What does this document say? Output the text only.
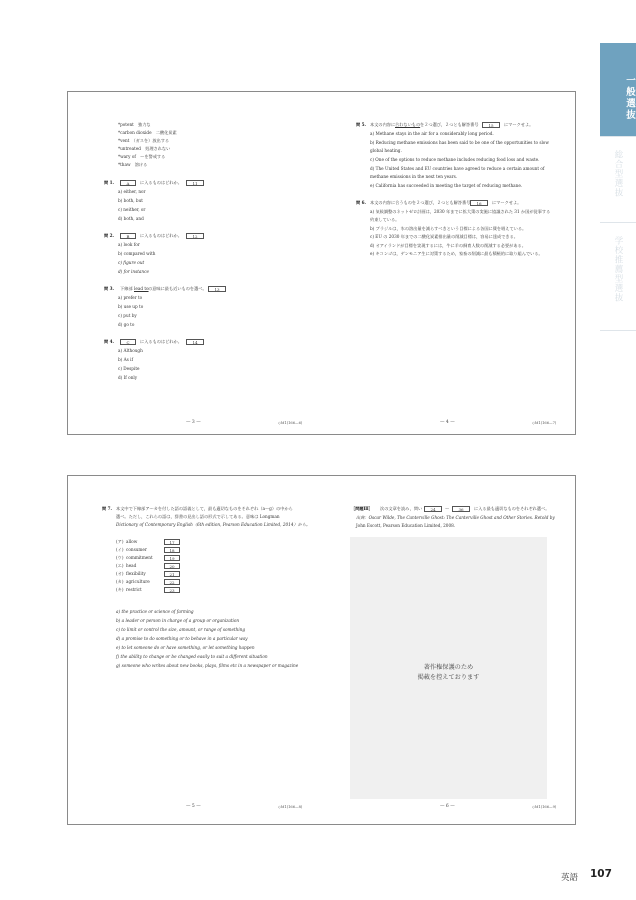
一般選抜
総合型選抜
学校推薦型選抜
*potent　強力な
*carbon dioxide　二酸化炭素
*vent　（ガスを）放出する
*untreated　処理されない
*wary of　〜を警戒する
*thaw　溶ける
問 1.	A	に入るものはどれか。	11
a) either, nor
b) both, but
c) neither, or
d) both, and
問 2.	B	に入るものはどれか。	12
a) look for
b) compared with
c) figure out
d) for instance
問 3. 下線部 lead to の意味に最も近いものを選べ。	13
a) prefer to
b) use up to
c) put by
d) go to
問 4.	C	に入るものはどれか。	14
a) Although
b) As if
c) Despite
d) If only
— 3 —	◇M1(166—6)
問 5. 本文の内容に 合わないもの を２つ選び，２つとも解答番号	15	にマークせよ。
a) Methane stays in the air for a considerably long period.
b) Reducing methane emissions has been said to be one of the opportunities to slow
global heating.
c) One of the options to reduce methane includes reducing food loss and waste.
d) The United States and EU countries have agreed to reduce a certain amount of
methane emissions in the next ten years.
e) California has succeeded in meeting the target of reducing methane.
問 6. 本文の内容に合うものを２つ選び，２つとも解答番号	16	にマークせよ。
a) 気候調整のネットゼロ計画は，2030 年までに拡大策の実施に協議された 31 か国が従事する
約束している。
b) ブラジルは，氷の溶出量を減らすべきという目標による各国に賛を唱えている。
c) EU の 2030 年までの二酸化炭素排出量の削減目標は，容易に達成できる。
d) オアイランドが目標を実現するには，牛に羊の飼育人数の削減する必要がある。
e) キコンゴは，ゲンモニア生に対策するため，家畜の削減に最も積極的に取り組んでいる。
— 4 —	◇M1(166—7)
問 7. 本文中で下線部ア〜カを付した語の語義として，最も適切なものをそれぞれ（a〜g）の中から
選べ。ただし，これらの語は，辞書の見出し語の形式で示してある。意味は Longman
Dictionary of Contemporary English（6th edition, Pearson Education Limited, 2014）から。
(ア) allow	17
(イ) consumer	18
(ウ) commitment	19
(エ) head	20
(オ) flexibility	21
(カ) agriculture	22
(キ) restrict	23
a) the practice or science of farming
b) a leader or person in charge of a group or organization
c) to limit or control the size, amount, or range of something
d) a promise to do something or to behave in a particular way
e) to let someone do or have something, or let something happen
f) the ability to change or be changed easily to suit a different situation
g) someone who writes about new books, plays, films etc in a newspaper or magazine
— 5 —	◇M1(166—8)
［問題Ⅲ］ 次の文章を読み，問い	24	〜	36	に入る最も適切なものをそれぞれ選べ。
出典：Oscar Wilde, The Canterville Ghost: The Canterville Ghost and Other Stories. Retold by
John Escott, Pearson Education Limited, 2008.
— 6 —	◇M1(166—9)
著作権保護のため
掲載を控えております
英語 107
